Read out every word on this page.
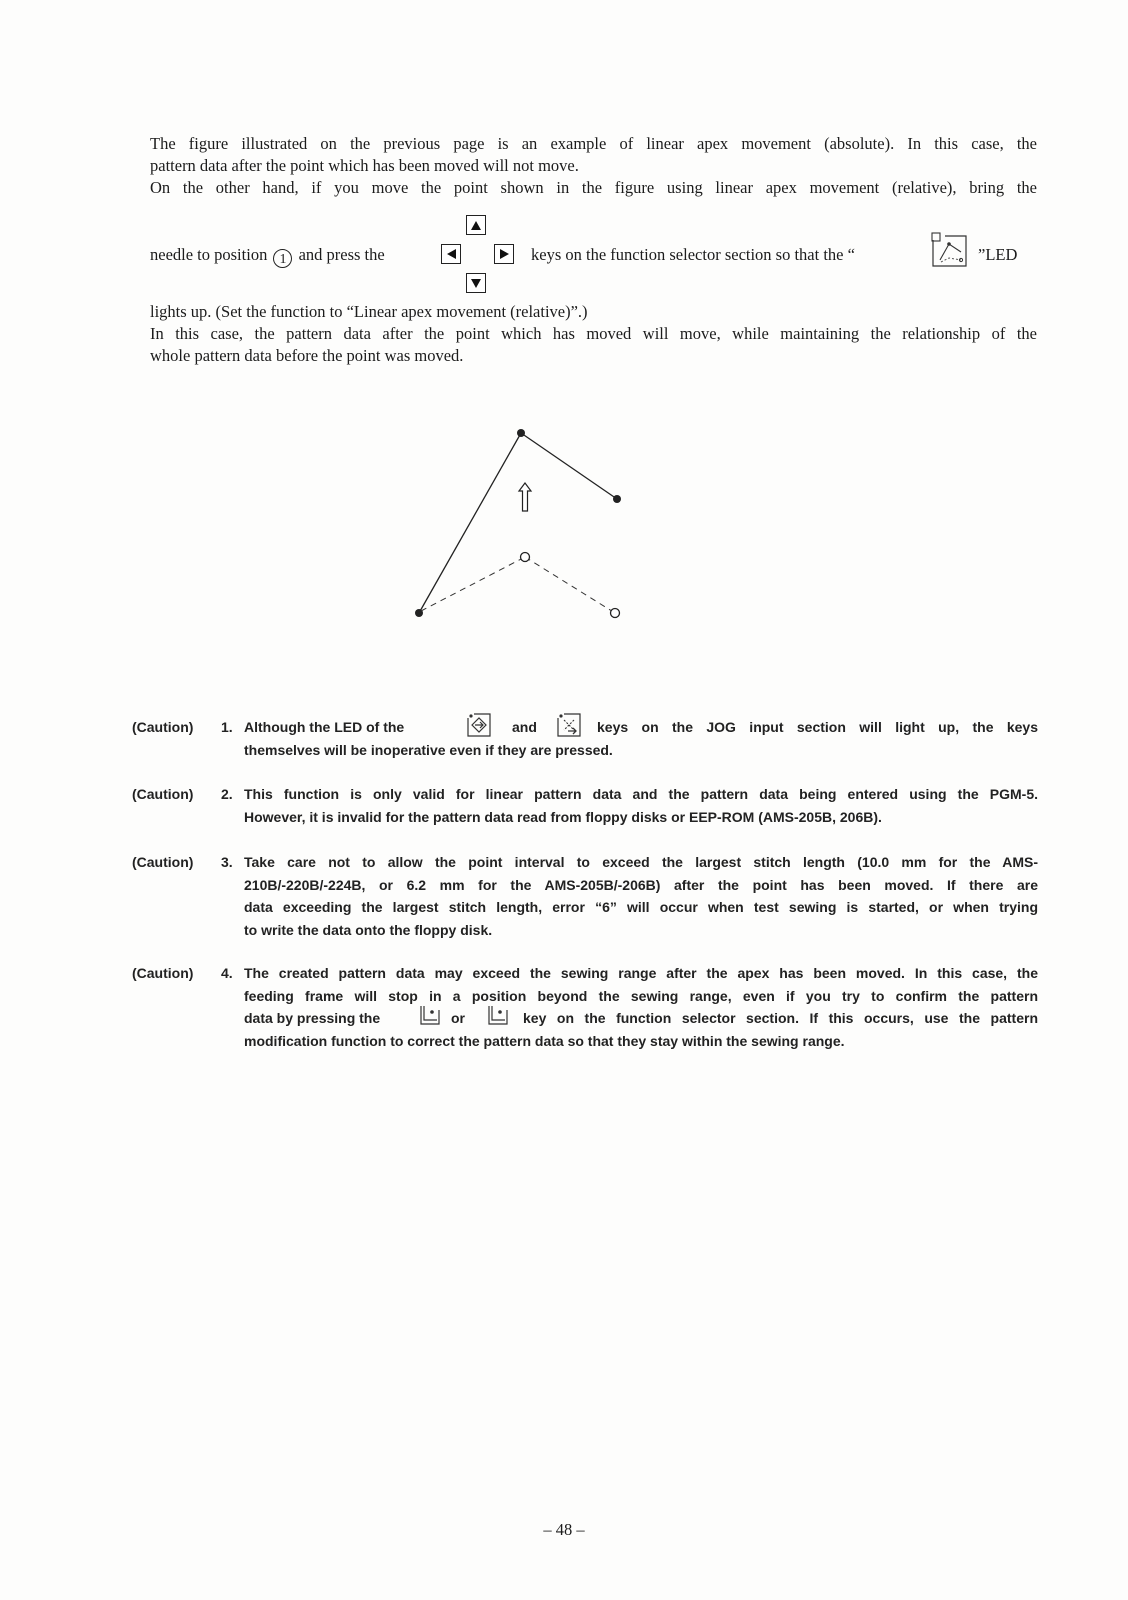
The figure illustrated on the previous page is an example of linear apex movement (absolute). In this case, the
pattern data after the point which has been moved will not move.
On the other hand, if you move the point shown in the figure using linear apex movement (relative), bring the
needle to position 1 and press the	keys on the function selector section so that the “	”LED
lights up. (Set the function to “Linear apex movement (relative)”.)
In this case, the pattern data after the point which has moved will move, while maintaining the relationship of the
whole pattern data before the point was moved.
(Caution)	1. Although the LED of the	and	keys on the JOG input section will light up, the keys
themselves will be inoperative even if they are pressed.
(Caution)	2. This function is only valid for linear pattern data and the pattern data being entered using the PGM-5.
However, it is invalid for the pattern data read from floppy disks or EEP-ROM (AMS-205B, 206B).
(Caution)	3. Take care not to allow the point interval to exceed the largest stitch length (10.0 mm for the AMS-
210B/-220B/-224B, or 6.2 mm for the AMS-205B/-206B) after the point has been moved. If there are
data exceeding the largest stitch length, error “6” will occur when test sewing is started, or when trying
to write the data onto the floppy disk.
(Caution)	4. The created pattern data may exceed the sewing range after the apex has been moved. In this case, the
feeding frame will stop in a position beyond the sewing range, even if you try to confirm the pattern
data by pressing the	or	key on the function selector section. If this occurs, use the pattern
modification function to correct the pattern data so that they stay within the sewing range.
– 48 –
